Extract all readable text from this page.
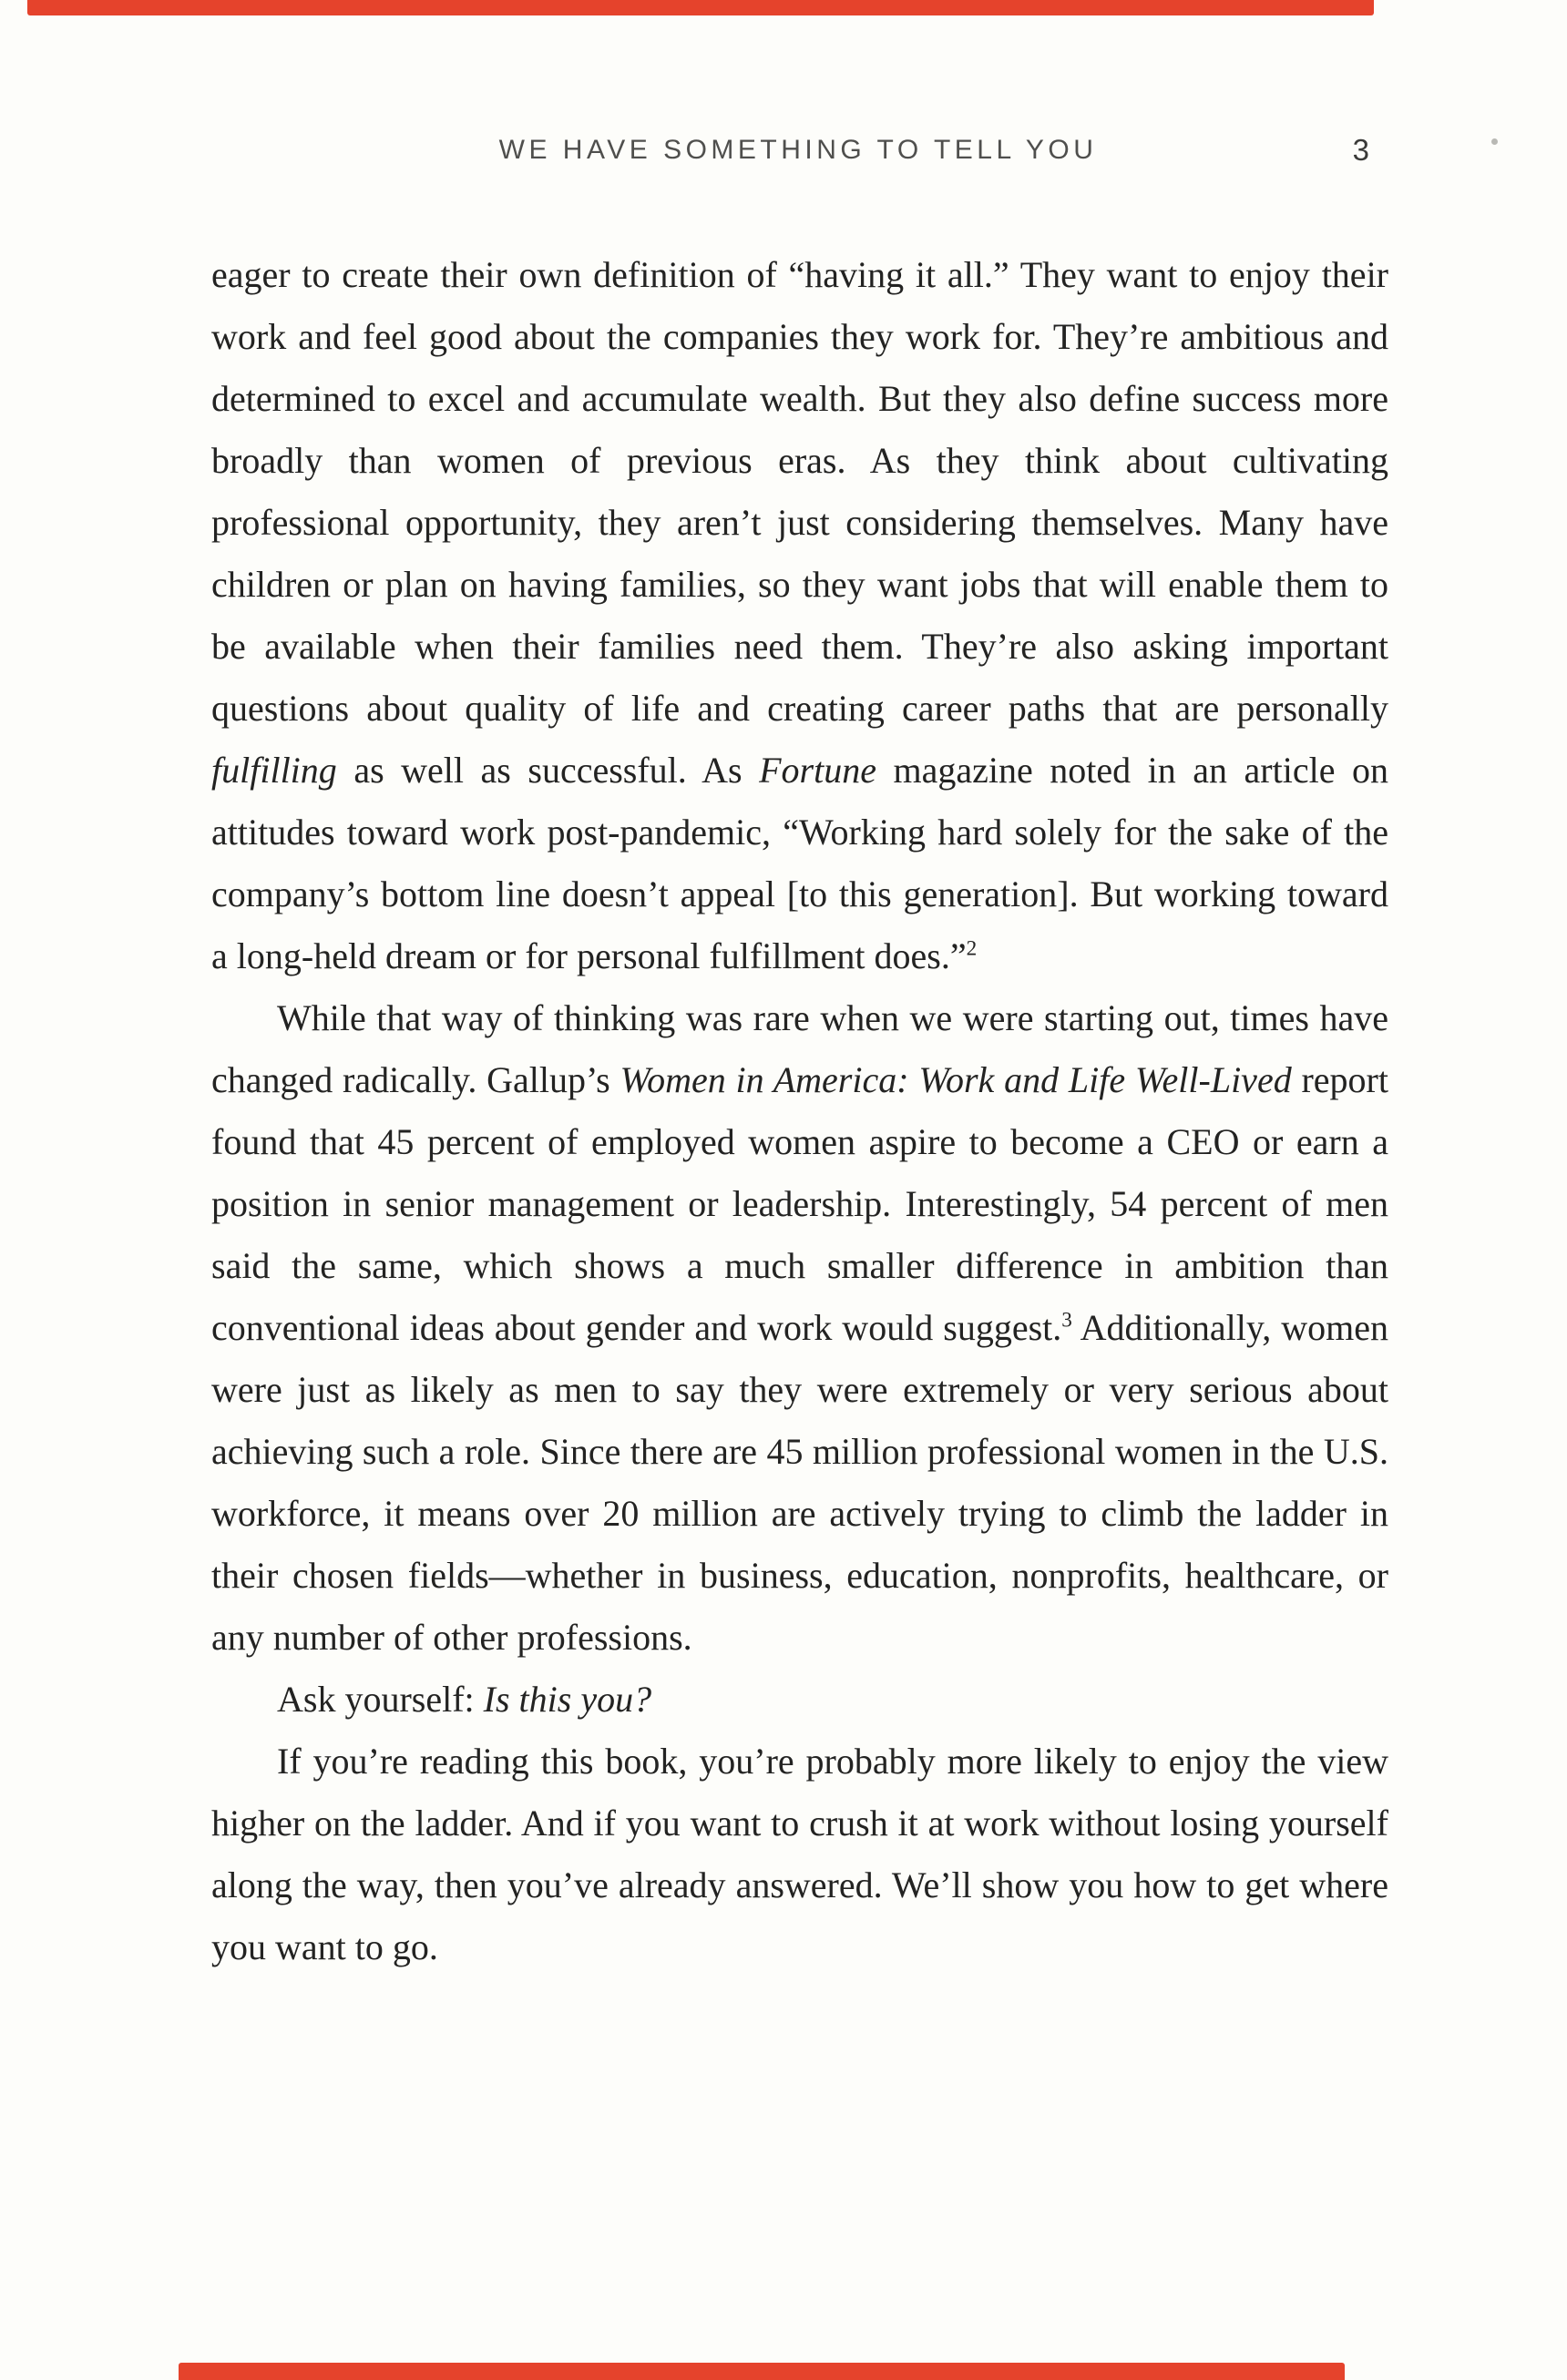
WE HAVE SOMETHING TO TELL YOU	3

eager to create their own definition of “having it all.” They want to enjoy their work and feel good about the companies they work for. They’re ambitious and determined to excel and accumulate wealth. But they also define success more broadly than women of previous eras. As they think about cultivating professional opportunity, they aren’t just considering themselves. Many have children or plan on having families, so they want jobs that will enable them to be available when their families need them. They’re also asking important questions about quality of life and creating career paths that are personally fulfilling as well as successful. As Fortune magazine noted in an article on attitudes toward work post-pandemic, “Working hard solely for the sake of the company’s bottom line doesn’t appeal [to this generation]. But working toward a long-held dream or for personal fulfillment does.”$^2$

While that way of thinking was rare when we were starting out, times have changed radically. Gallup’s Women in America: Work and Life Well-Lived report found that 45 percent of employed women aspire to become a CEO or earn a position in senior management or leadership. Interestingly, 54 percent of men said the same, which shows a much smaller difference in ambition than conventional ideas about gender and work would suggest.$^3$ Additionally, women were just as likely as men to say they were extremely or very serious about achieving such a role. Since there are 45 million professional women in the U.S. workforce, it means over 20 million are actively trying to climb the ladder in their chosen fields—whether in business, education, nonprofits, healthcare, or any number of other professions.

Ask yourself: Is this you?

If you’re reading this book, you’re probably more likely to enjoy the view higher on the ladder. And if you want to crush it at work without losing yourself along the way, then you’ve already answered. We’ll show you how to get where you want to go.
